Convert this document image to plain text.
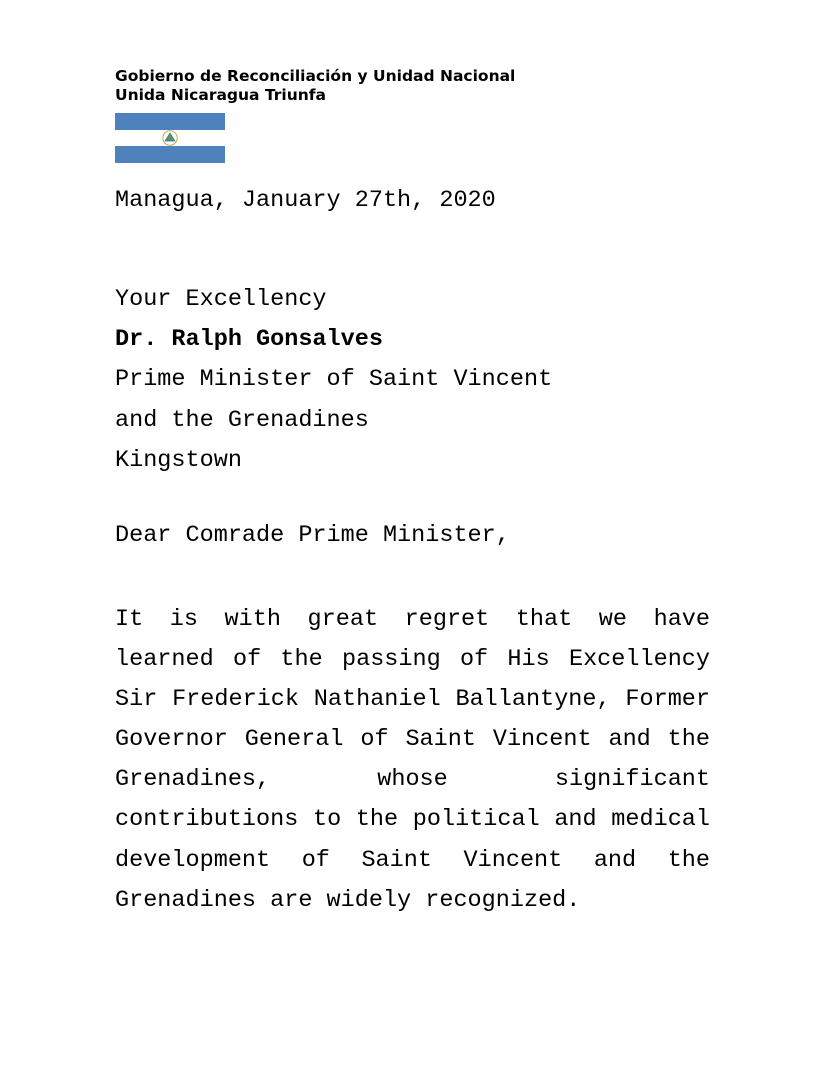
Gobierno de Reconciliación y Unidad Nacional
Unida Nicaragua Triunfa
Managua, January 27th, 2020
Your Excellency
Dr. Ralph Gonsalves
Prime Minister of Saint Vincent
and the Grenadines
Kingstown
Dear Comrade Prime Minister,
It is with great regret that we have learned of the passing of His Excellency Sir Frederick Nathaniel Ballantyne, Former Governor General of Saint Vincent and the Grenadines, whose significant contributions to the political and medical development of Saint Vincent and the Grenadines are widely recognized.
